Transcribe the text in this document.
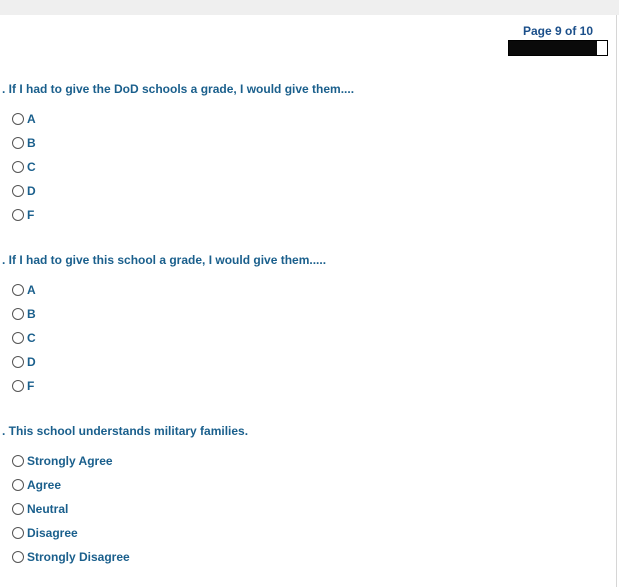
Page 9 of 10
. If I had to give the DoD schools a grade, I would give them....
A
B
C
D
F
. If I had to give this school a grade, I would give them.....
A
B
C
D
F
. This school understands military families.
Strongly Agree
Agree
Neutral
Disagree
Strongly Disagree
